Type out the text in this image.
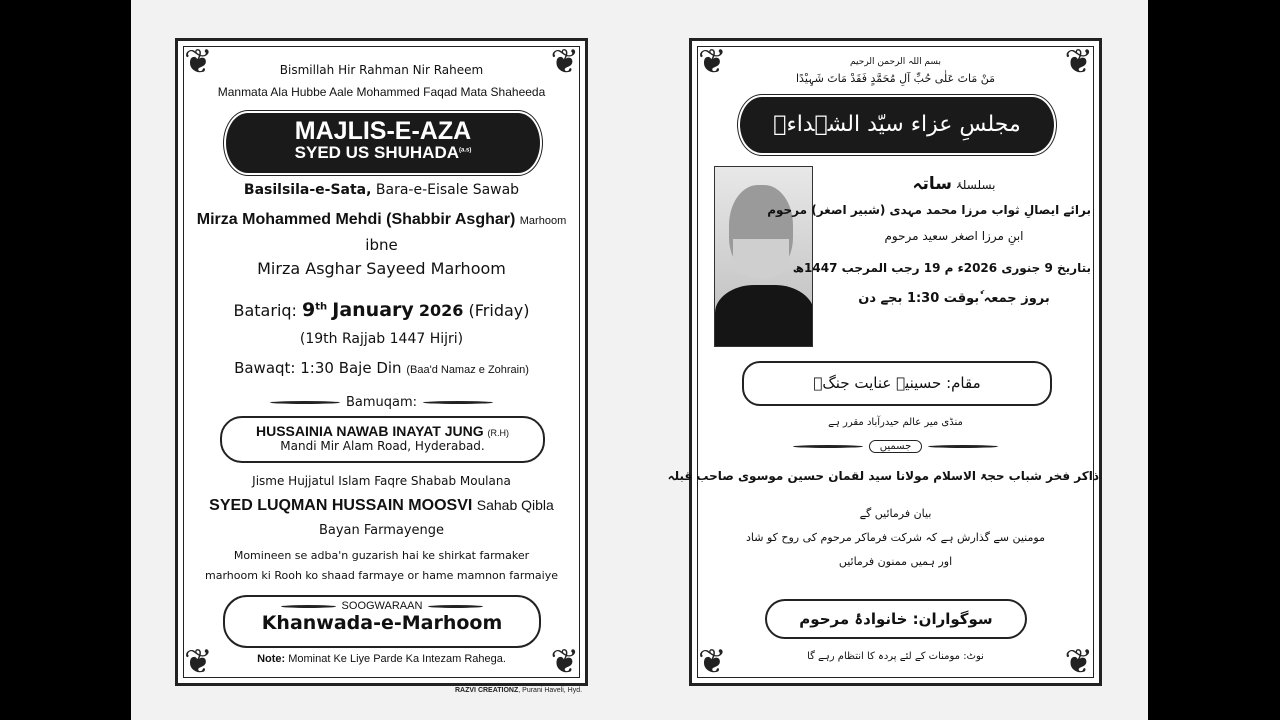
❦	❦
❦	❦
Bismillah Hir Rahman Nir Raheem
Manmata Ala Hubbe Aale Mohammed Faqad Mata Shaheeda
MAJLIS-E-AZA
SYED US $SHUHADA^{(a.s)}$
Basilsila-e-Sata, Bara-e-Eisale Sawab
Mirza Mohammed Mehdi (Shabbir Asghar) Marhoom
ibne
Mirza Asghar Sayeed Marhoom
Batariq: 9th January 2026 (Friday)
(19th Rajjab 1447 Hijri)
Bawaqt: 1:30 Baje Din (Baa'd Namaz e Zohrain)
Bamuqam:
HUSSAINIA NAWAB INAYAT JUNG (R.H)
Mandi Mir Alam Road, Hyderabad.
Jisme Hujjatul Islam Faqre Shabab Moulana
SYED LUQMAN HUSSAIN MOOSVI Sahab Qibla
Bayan Farmayenge
Momineen se adba'n guzarish hai ke shirkat farmaker
marhoom ki Rooh ko shaad farmaye or hame mamnon farmaiye
SOOGWARAAN
Khanwada-e-Marhoom
Note: Mominat Ke Liye Parde Ka Intezam Rahega.
❦	❦
❦	❦
بسم اللہ الرحمن الرحیم
مَنْ مَاتَ عَلٰی حُبِّ آلِ مُحَمَّدٍ فَقَدْ مَاتَ شَہِیْدًا
مجلسِ عزاء سیّد الشہداءؑ
بسلسلۂ ساتہ
برائے ایصالِ ثواب مرزا محمد مہدی (شبیر اصغر) مرحوم
ابنِ مرزا اصغر سعید مرحوم
بتاریخ 9 جنوری 2026ء م 19 رجب المرجب 1447ھ
بروز جمعہ ٗبوقت 1:30 بجے دن
مقام: حسینیہ عنایت جنگؒ
منڈی میر عالم حیدرآباد مقرر ہے
جسمیں
ذاکر فخر شباب حجۃ الاسلام مولانا سید لقمان حسین موسوی صاحب قبلہ
بیان فرمائیں گے
مومنین سے گذارش ہے کہ شرکت فرماکر مرحوم کی روح کو شاد
اور ہمیں ممنون فرمائیں
سوگواران: خانوادۂ مرحوم
نوٹ: مومنات کے لئے پردہ کا انتظام رہے گا
RAZVI CREATIONZ, Purani Haveli, Hyd.
